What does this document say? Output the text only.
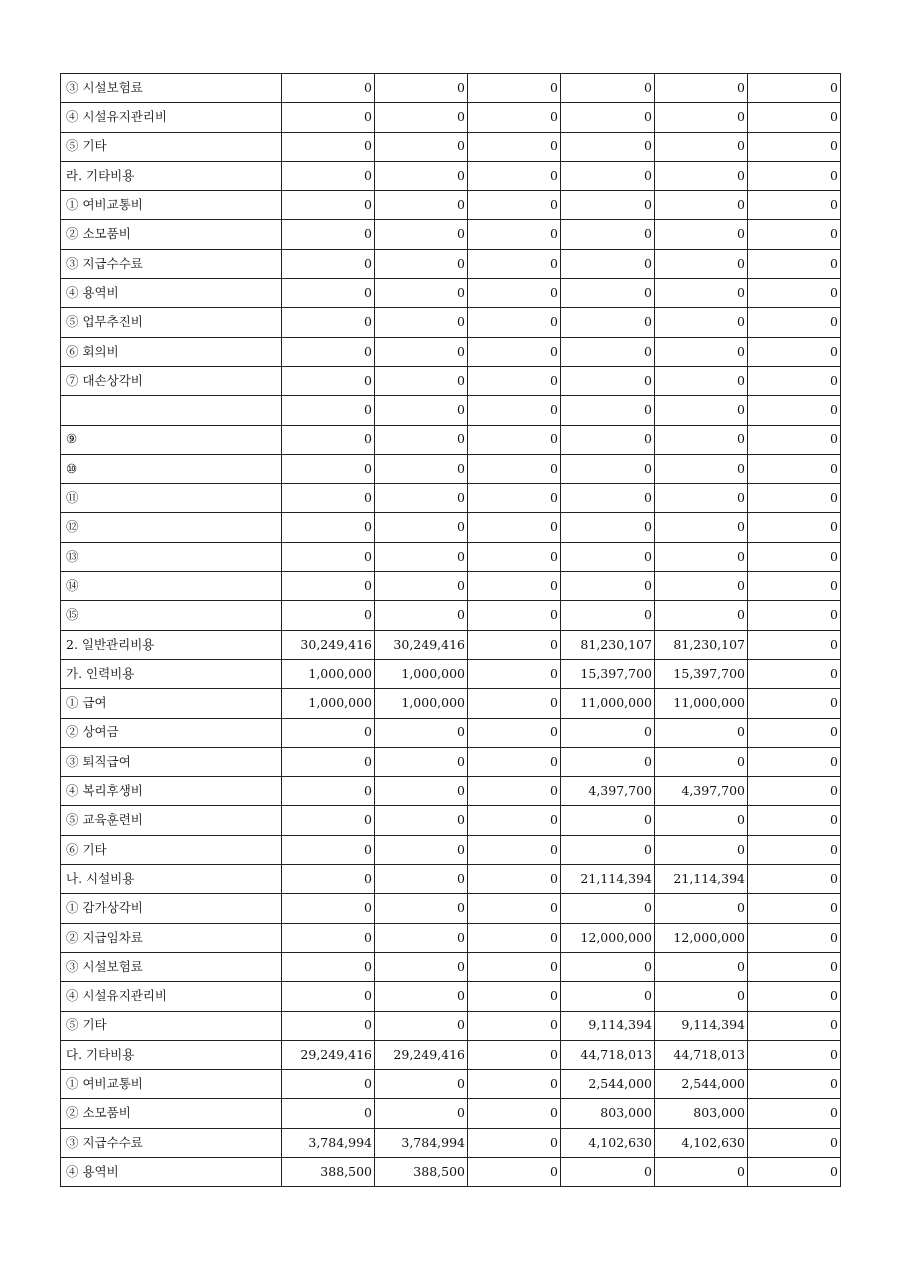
③ 시설보험료	0	0	0	0	0	0
④ 시설유지관리비	0	0	0	0	0	0
⑤ 기타	0	0	0	0	0	0
라. 기타비용	0	0	0	0	0	0
① 여비교통비	0	0	0	0	0	0
② 소모품비	0	0	0	0	0	0
③ 지급수수료	0	0	0	0	0	0
④ 용역비	0	0	0	0	0	0
⑤ 업무추진비	0	0	0	0	0	0
⑥ 회의비	0	0	0	0	0	0
⑦ 대손상각비	0	0	0	0	0	0
	0	0	0	0	0	0
⑨	0	0	0	0	0	0
⑩	0	0	0	0	0	0
⑪	0	0	0	0	0	0
⑫	0	0	0	0	0	0
⑬	0	0	0	0	0	0
⑭	0	0	0	0	0	0
⑮	0	0	0	0	0	0
2. 일반관리비용	30,249,416	30,249,416	0	81,230,107	81,230,107	0
가. 인력비용	1,000,000	1,000,000	0	15,397,700	15,397,700	0
① 급여	1,000,000	1,000,000	0	11,000,000	11,000,000	0
② 상여금	0	0	0	0	0	0
③ 퇴직급여	0	0	0	0	0	0
④ 복리후생비	0	0	0	4,397,700	4,397,700	0
⑤ 교육훈련비	0	0	0	0	0	0
⑥ 기타	0	0	0	0	0	0
나. 시설비용	0	0	0	21,114,394	21,114,394	0
① 감가상각비	0	0	0	0	0	0
② 지급임차료	0	0	0	12,000,000	12,000,000	0
③ 시설보험료	0	0	0	0	0	0
④ 시설유지관리비	0	0	0	0	0	0
⑤ 기타	0	0	0	9,114,394	9,114,394	0
다. 기타비용	29,249,416	29,249,416	0	44,718,013	44,718,013	0
① 여비교통비	0	0	0	2,544,000	2,544,000	0
② 소모품비	0	0	0	803,000	803,000	0
③ 지급수수료	3,784,994	3,784,994	0	4,102,630	4,102,630	0
④ 용역비	388,500	388,500	0	0	0	0
